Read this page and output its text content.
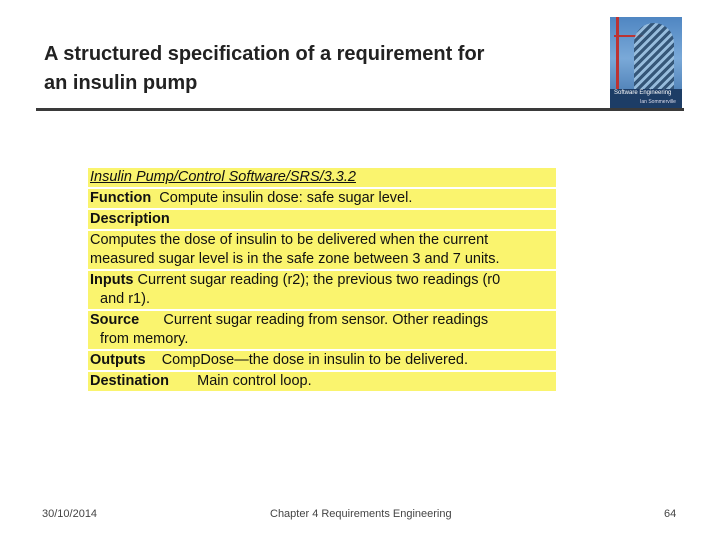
A structured specification of a requirement for
an insulin pump	Software Engineering
Ian Sommerville
Insulin Pump/Control Software/SRS/3.3.2
Function Compute insulin dose: safe sugar level.
Description
Computes the dose of insulin to be delivered when the current
measured sugar level is in the safe zone between 3 and 7 units.
Inputs Current sugar reading (r2); the previous two readings (r0
and r1).
Source Current sugar reading from sensor. Other readings
from memory.
Outputs CompDose—the dose in insulin to be delivered.
Destination Main control loop.
30/10/2014	Chapter 4 Requirements Engineering	64
